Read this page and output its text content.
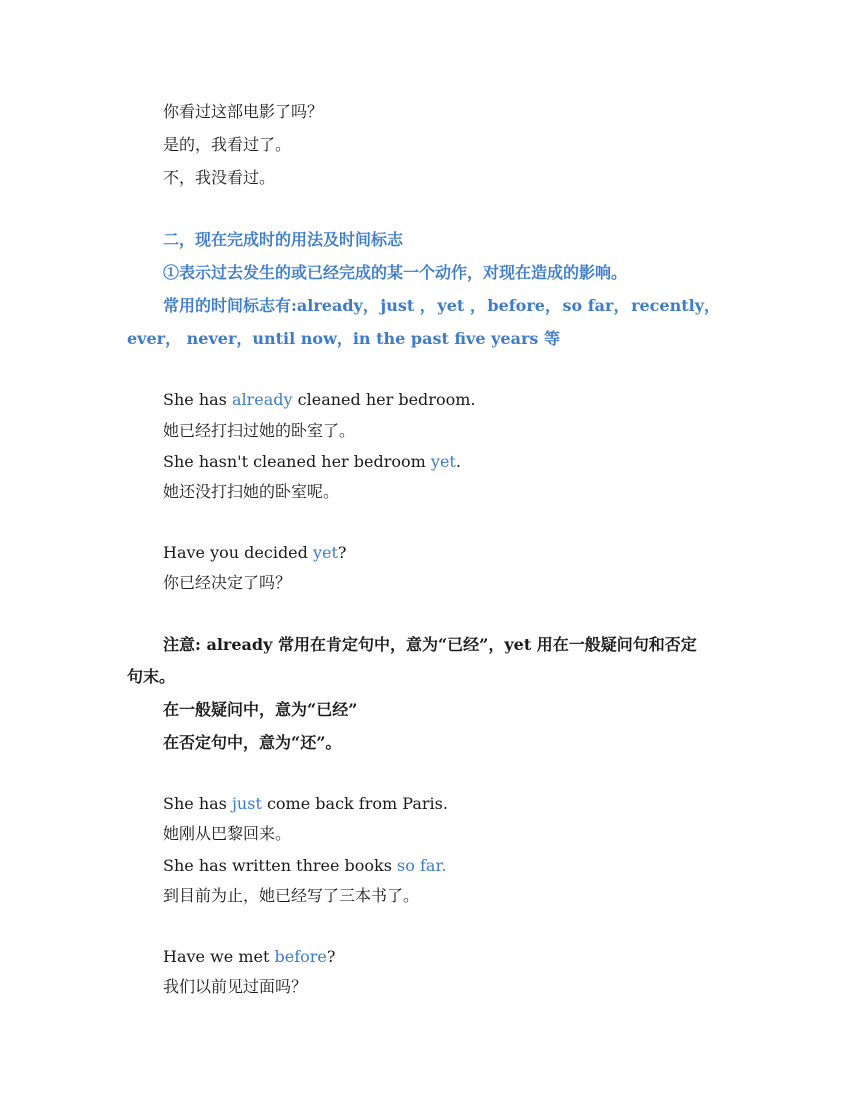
你看过这部电影了吗？
是的，我看过了。
不，我没看过。
二，现在完成时的用法及时间标志
①表示过去发生的或已经完成的某一个动作，对现在造成的影响。
常用的时间标志有:already， just ， yet ， before， so far， recently，
ever， never，until now，in the past five years 等
She has already cleaned her bedroom.
她已经打扫过她的卧室了。
She hasn't cleaned her bedroom yet.
她还没打扫她的卧室呢。
Have you decided yet?
你已经决定了吗？
注意: already 常用在肯定句中，意为“已经”，yet 用在一般疑问句和否定
句末。
在一般疑问中，意为“已经”
在否定句中，意为“还”。
She has just come back from Paris.
她刚从巴黎回来。
She has written three books so far.
到目前为止，她已经写了三本书了。
Have we met before?
我们以前见过面吗？
